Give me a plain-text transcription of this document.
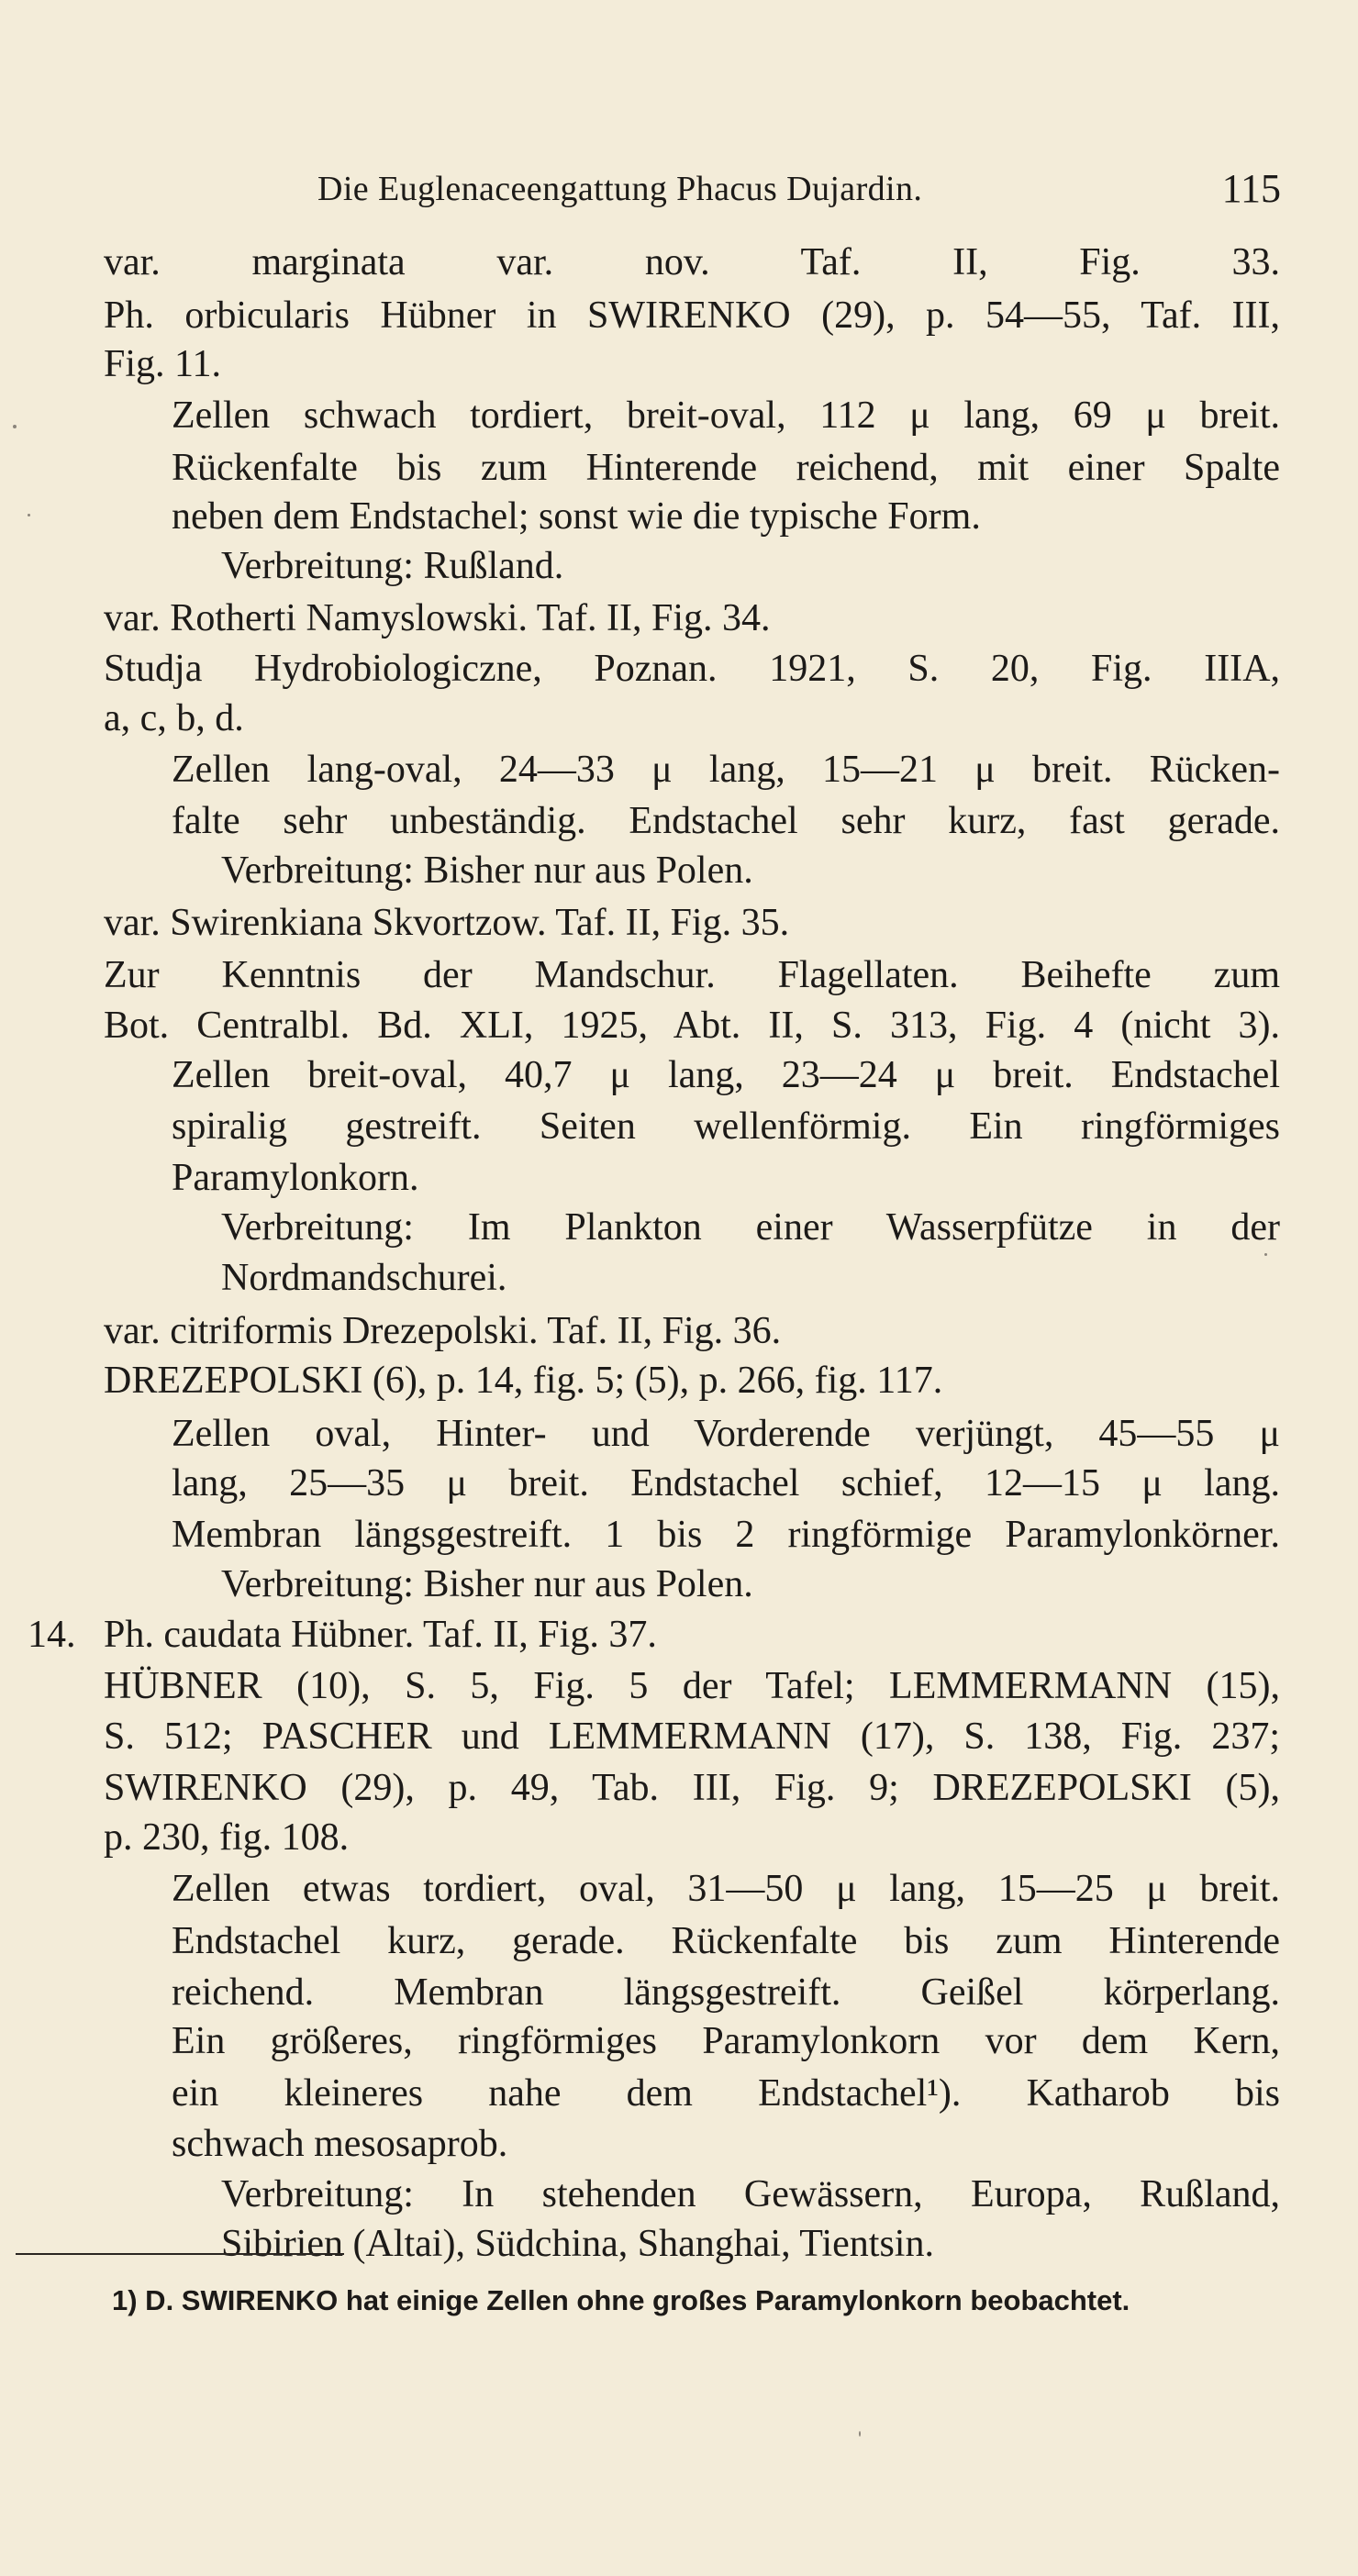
Die Euglenaceengattung Phacus Dujardin.	115
var. marginata var. nov. Taf. II, Fig. 33.
Ph. orbicularis Hübner in SWIRENKO (29), p. 54—55, Taf. III,
Fig. 11.
Zellen schwach tordiert, breit-oval, 112 μ lang, 69 μ breit.
Rückenfalte bis zum Hinterende reichend, mit einer Spalte
neben dem Endstachel; sonst wie die typische Form.
Verbreitung: Rußland.
var. Rotherti Namyslowski. Taf. II, Fig. 34.
Studja Hydrobiologiczne, Poznan. 1921, S. 20, Fig. IIIA,
a, c, b, d.
Zellen lang-oval, 24—33 μ lang, 15—21 μ breit. Rücken-
falte sehr unbeständig. Endstachel sehr kurz, fast gerade.
Verbreitung: Bisher nur aus Polen.
var. Swirenkiana Skvortzow. Taf. II, Fig. 35.
Zur Kenntnis der Mandschur. Flagellaten. Beihefte zum
Bot. Centralbl. Bd. XLI, 1925, Abt. II, S. 313, Fig. 4 (nicht 3).
Zellen breit-oval, 40,7 μ lang, 23—24 μ breit. Endstachel
spiralig gestreift. Seiten wellenförmig. Ein ringförmiges
Paramylonkorn.
Verbreitung: Im Plankton einer Wasserpfütze in der
Nordmandschurei.
var. citriformis Drezepolski. Taf. II, Fig. 36.
DREZEPOLSKI (6), p. 14, fig. 5; (5), p. 266, fig. 117.
Zellen oval, Hinter- und Vorderende verjüngt, 45—55 μ
lang, 25—35 μ breit. Endstachel schief, 12—15 μ lang.
Membran längsgestreift. 1 bis 2 ringförmige Paramylonkörner.
Verbreitung: Bisher nur aus Polen.
14. Ph. caudata Hübner. Taf. II, Fig. 37.
HÜBNER (10), S. 5, Fig. 5 der Tafel; LEMMERMANN (15),
S. 512; PASCHER und LEMMERMANN (17), S. 138, Fig. 237;
SWIRENKO (29), p. 49, Tab. III, Fig. 9; DREZEPOLSKI (5),
p. 230, fig. 108.
Zellen etwas tordiert, oval, 31—50 μ lang, 15—25 μ breit.
Endstachel kurz, gerade. Rückenfalte bis zum Hinterende
reichend. Membran längsgestreift. Geißel körperlang.
Ein größeres, ringförmiges Paramylonkorn vor dem Kern,
ein kleineres nahe dem Endstachel¹). Katharob bis
schwach mesosaprob.
Verbreitung: In stehenden Gewässern, Europa, Rußland,
Sibirien (Altai), Südchina, Shanghai, Tientsin.
1) D. SWIRENKO hat einige Zellen ohne großes Paramylonkorn beobachtet.
